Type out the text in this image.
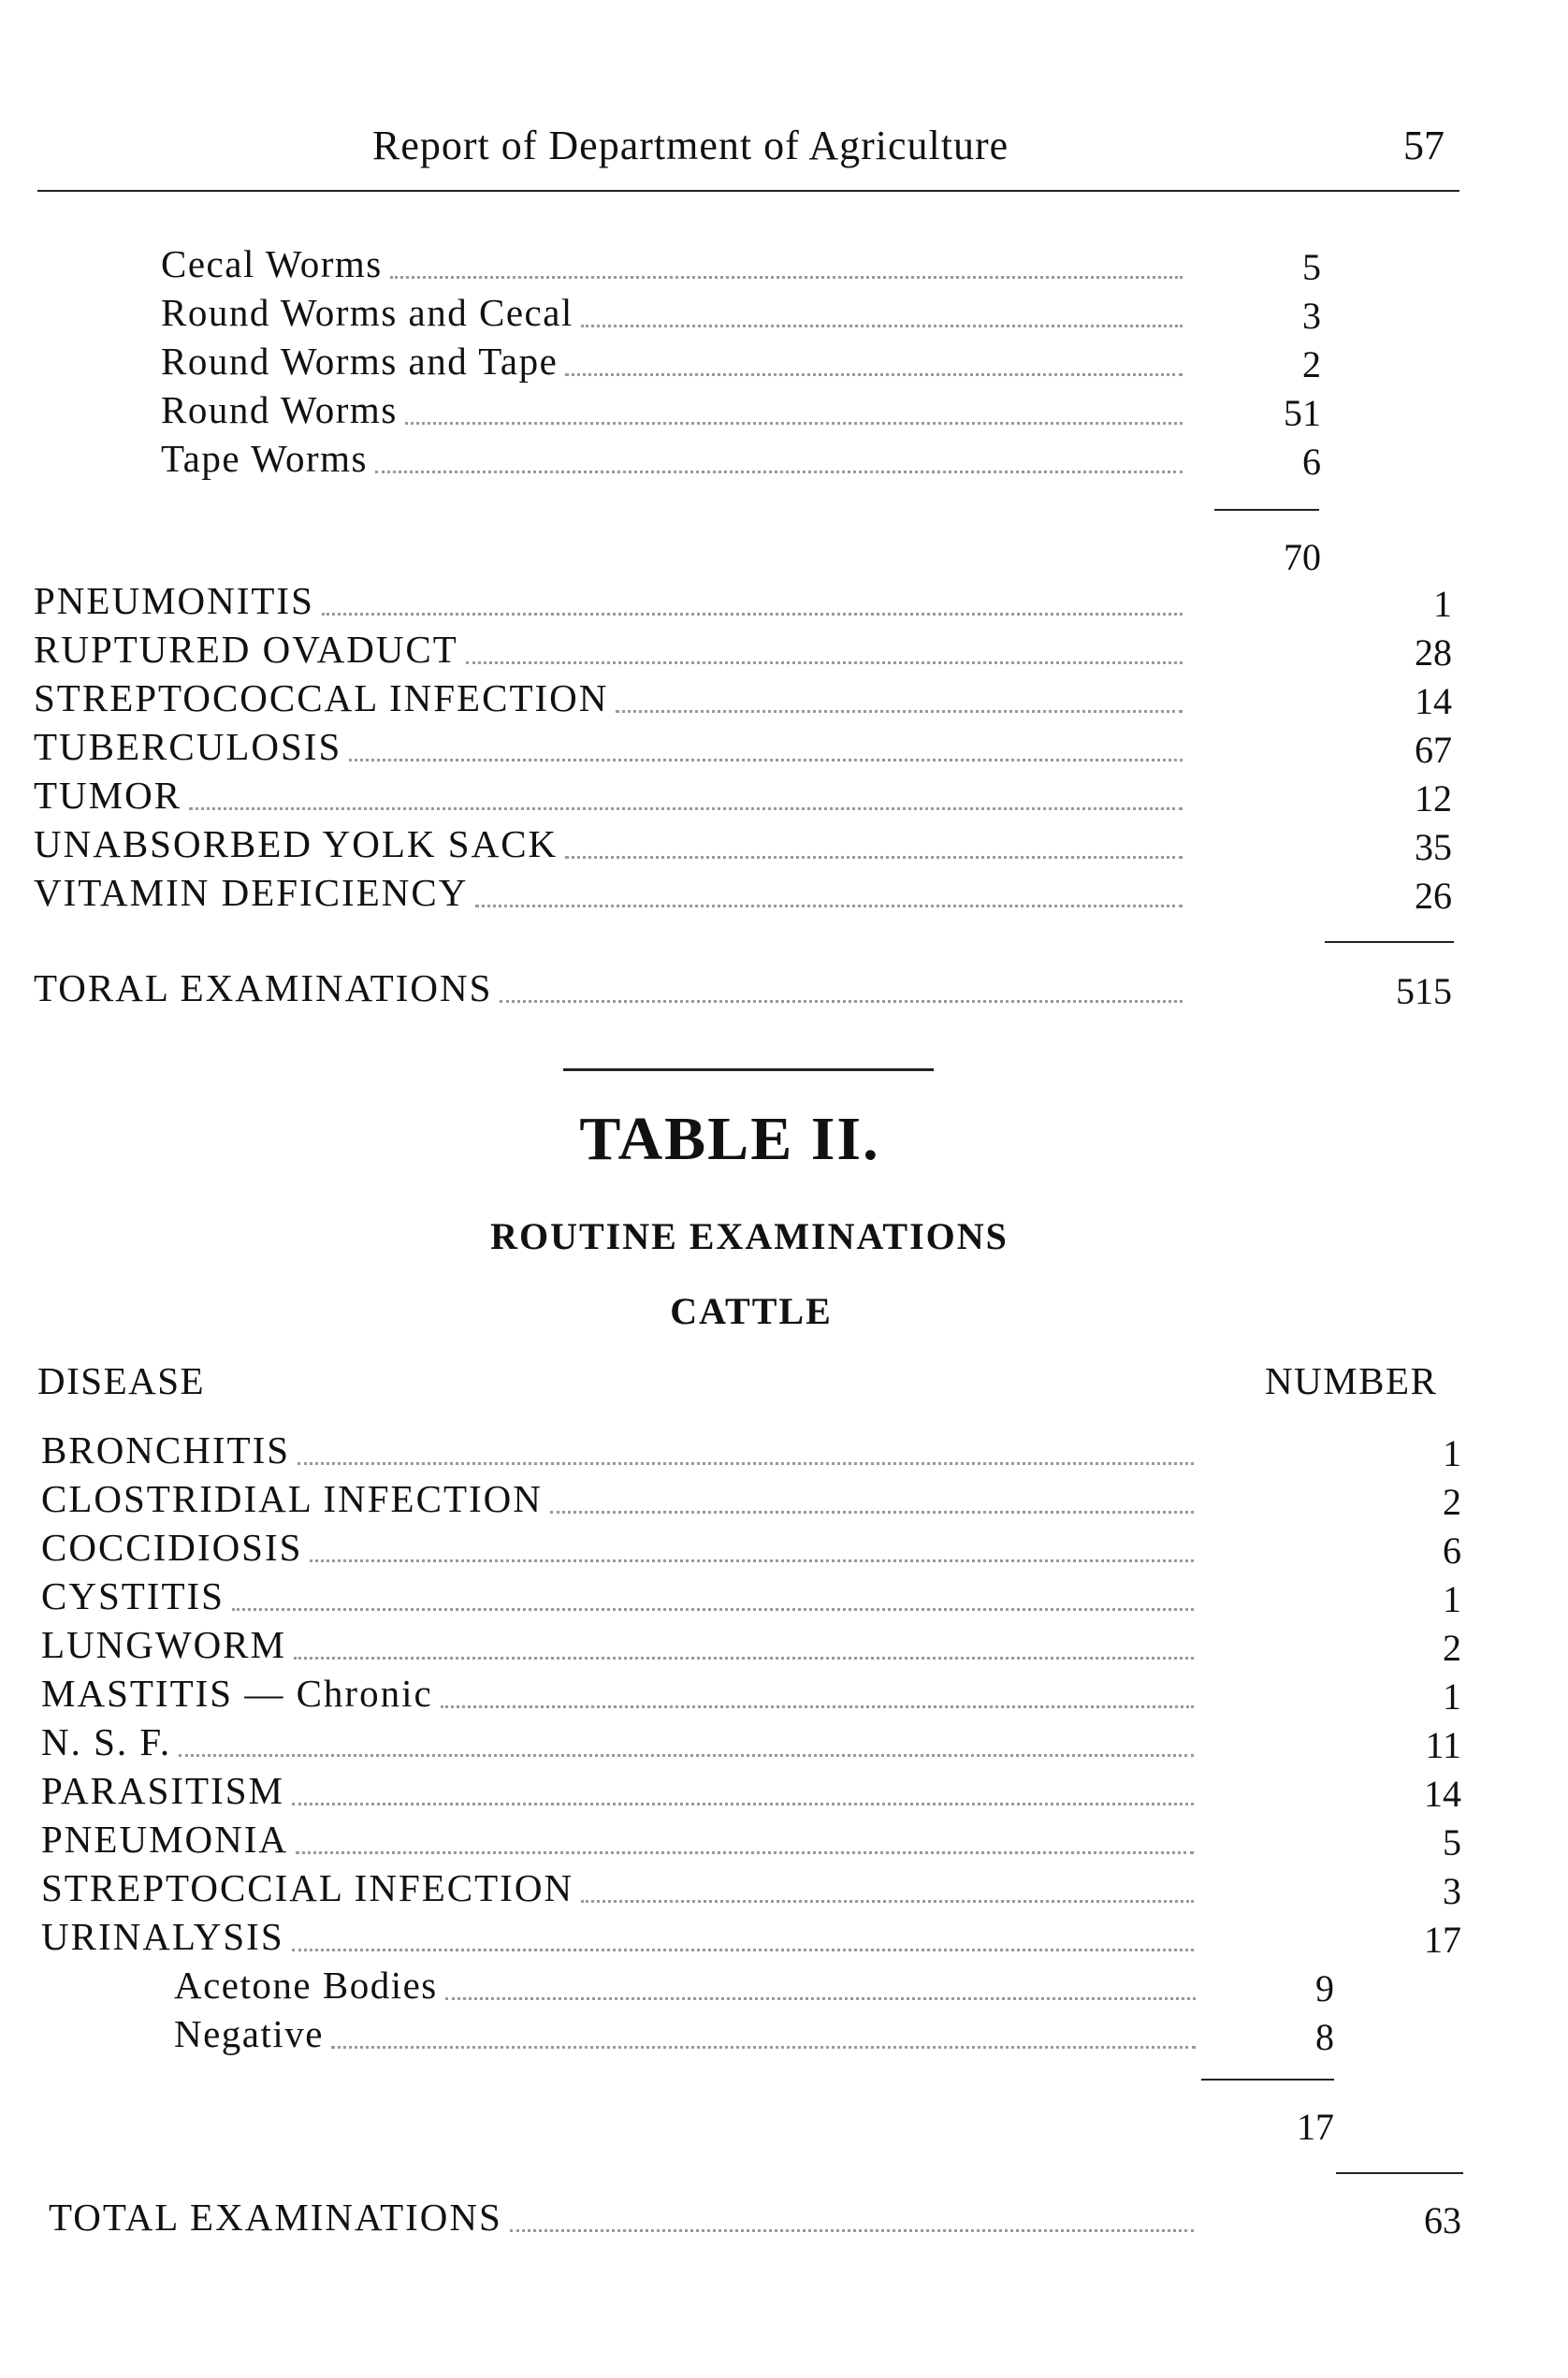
Report of Department of Agriculture	57
Cecal Worms	5
Round Worms and Cecal	3
Round Worms and Tape	2
Round Worms	51
Tape Worms	6
70
PNEUMONITIS	1
RUPTURED OVADUCT	28
STREPTOCOCCAL INFECTION	14
TUBERCULOSIS	67
TUMOR	12
UNABSORBED YOLK SACK	35
VITAMIN DEFICIENCY	26
TORAL EXAMINATIONS	515
TABLE II.
ROUTINE EXAMINATIONS
CATTLE
DISEASE	NUMBER
BRONCHITIS	1
CLOSTRIDIAL INFECTION	2
COCCIDIOSIS	6
CYSTITIS	1
LUNGWORM	2
MASTITIS — Chronic	1
N. S. F.	11
PARASITISM	14
PNEUMONIA	5
STREPTOCCIAL INFECTION	3
URINALYSIS	17
Acetone Bodies	9
Negative	8
17
TOTAL EXAMINATIONS	63
